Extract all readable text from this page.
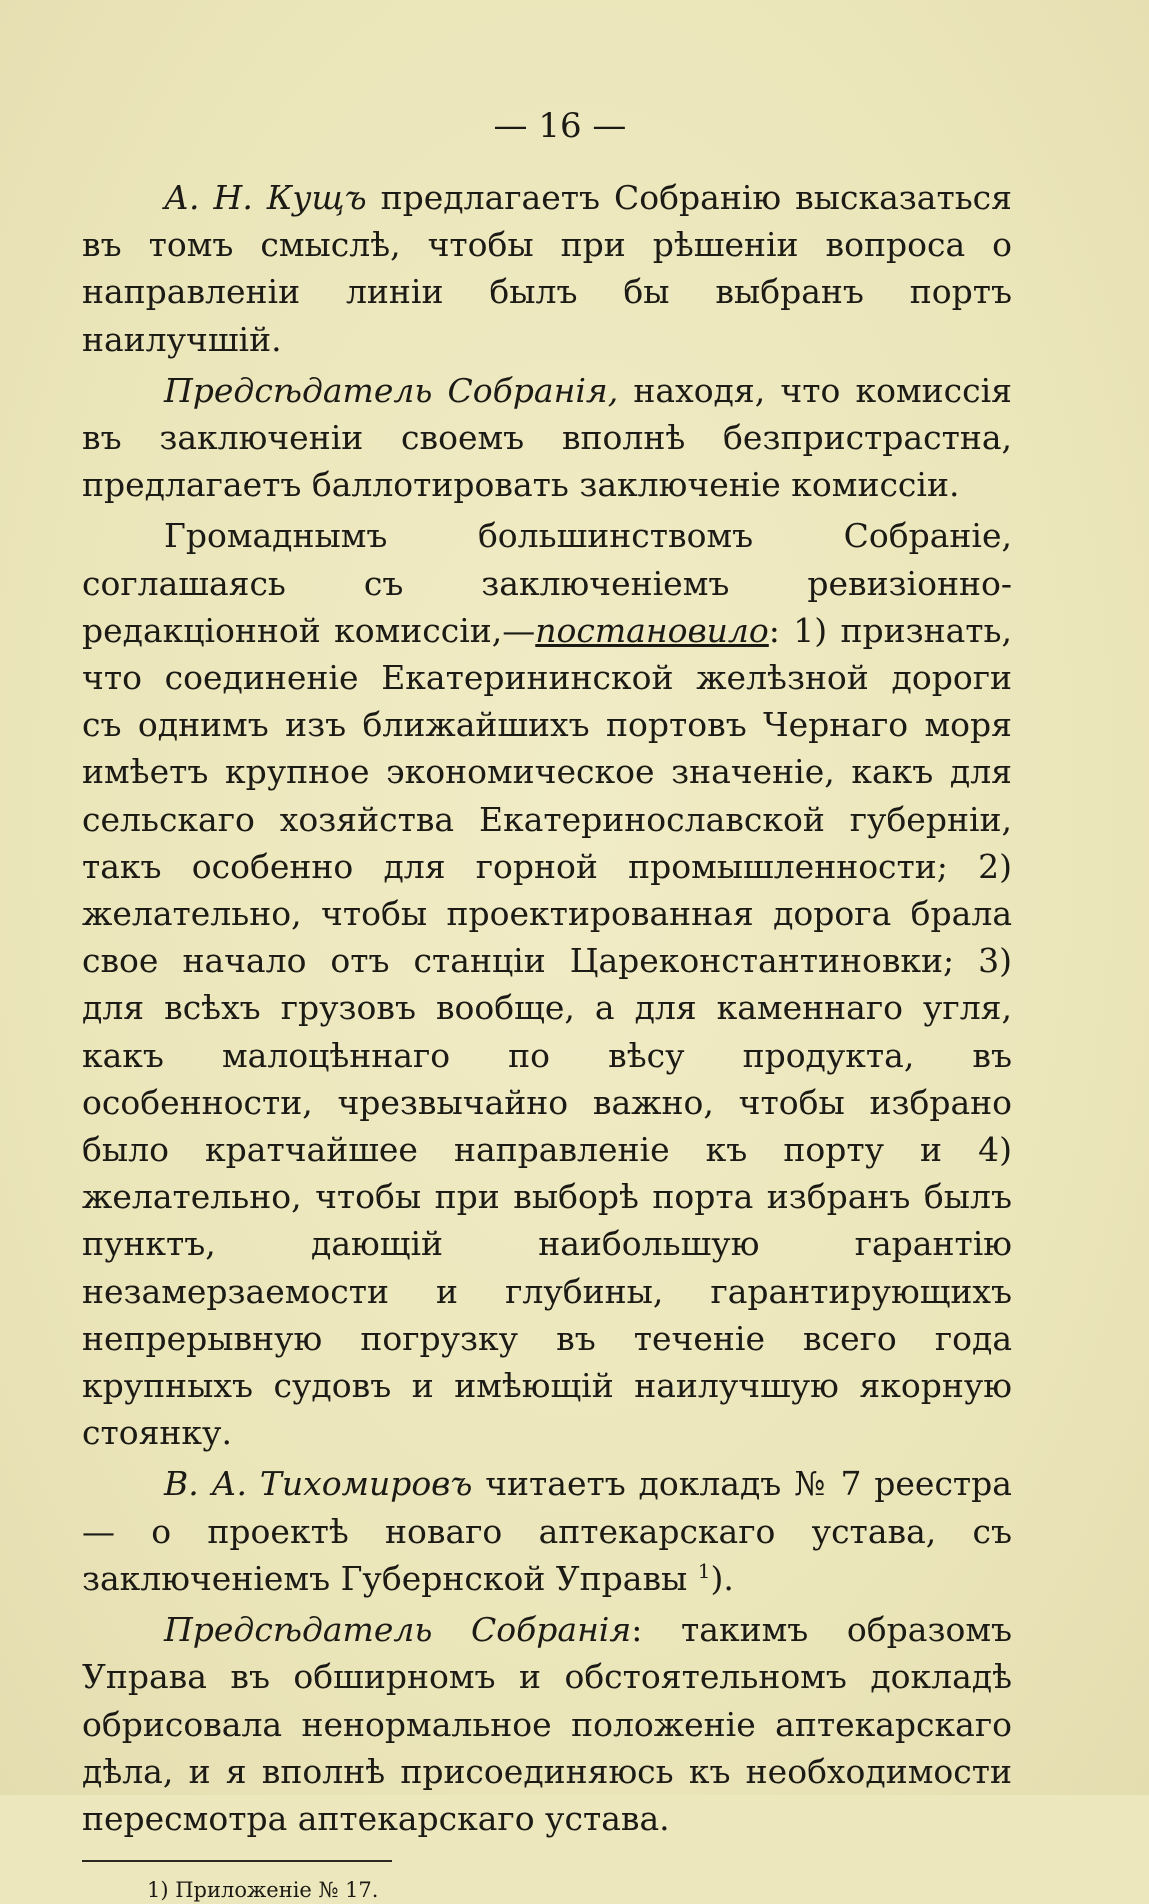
— 16 —

А. Н. Кущъ предлагаетъ Собранію высказаться въ томъ смыслѣ, чтобы при рѣшеніи вопроса о направленіи линіи былъ бы выбранъ портъ наилучшій.

Предсѣдатель Собранія, находя, что комиссія въ заключеніи своемъ вполнѣ безпристрастна, предлагаетъ баллотировать заключеніе комиссіи.

Громаднымъ большинствомъ Собраніе, соглашаясь съ заключеніемъ ревизіонно-редакціонной комиссіи,—постановило: 1) признать, что соединеніе Екатерининской желѣзной дороги съ однимъ изъ ближайшихъ портовъ Чернаго моря имѣетъ крупное экономическое значеніе, какъ для сельскаго хозяйства Екатеринославской губерніи, такъ особенно для горной промышленности; 2) желательно, чтобы проектированная дорога брала свое начало отъ станціи Цареконстантиновки; 3) для всѣхъ грузовъ вообще, а для каменнаго угля, какъ малоцѣннаго по вѣсу продукта, въ особенности, чрезвычайно важно, чтобы избрано было кратчайшее направленіе къ порту и 4) желательно, чтобы при выборѣ порта избранъ былъ пунктъ, дающій наибольшую гарантію незамерзаемости и глубины, гарантирующихъ непрерывную погрузку въ теченіе всего года крупныхъ судовъ и имѣющій наилучшую якорную стоянку.

В. А. Тихомировъ читаетъ докладъ № 7 реестра— о проектѣ новаго аптекарскаго устава, съ заключеніемъ Губернской Управы $^1$).

Предсѣдатель Собранія: такимъ образомъ Управа въ обширномъ и обстоятельномъ докладѣ обрисовала ненормальное положеніе аптекарскаго дѣла, и я вполнѣ присоединяюсь къ необходимости пересмотра аптекарскаго устава.

1) Приложеніе № 17.
